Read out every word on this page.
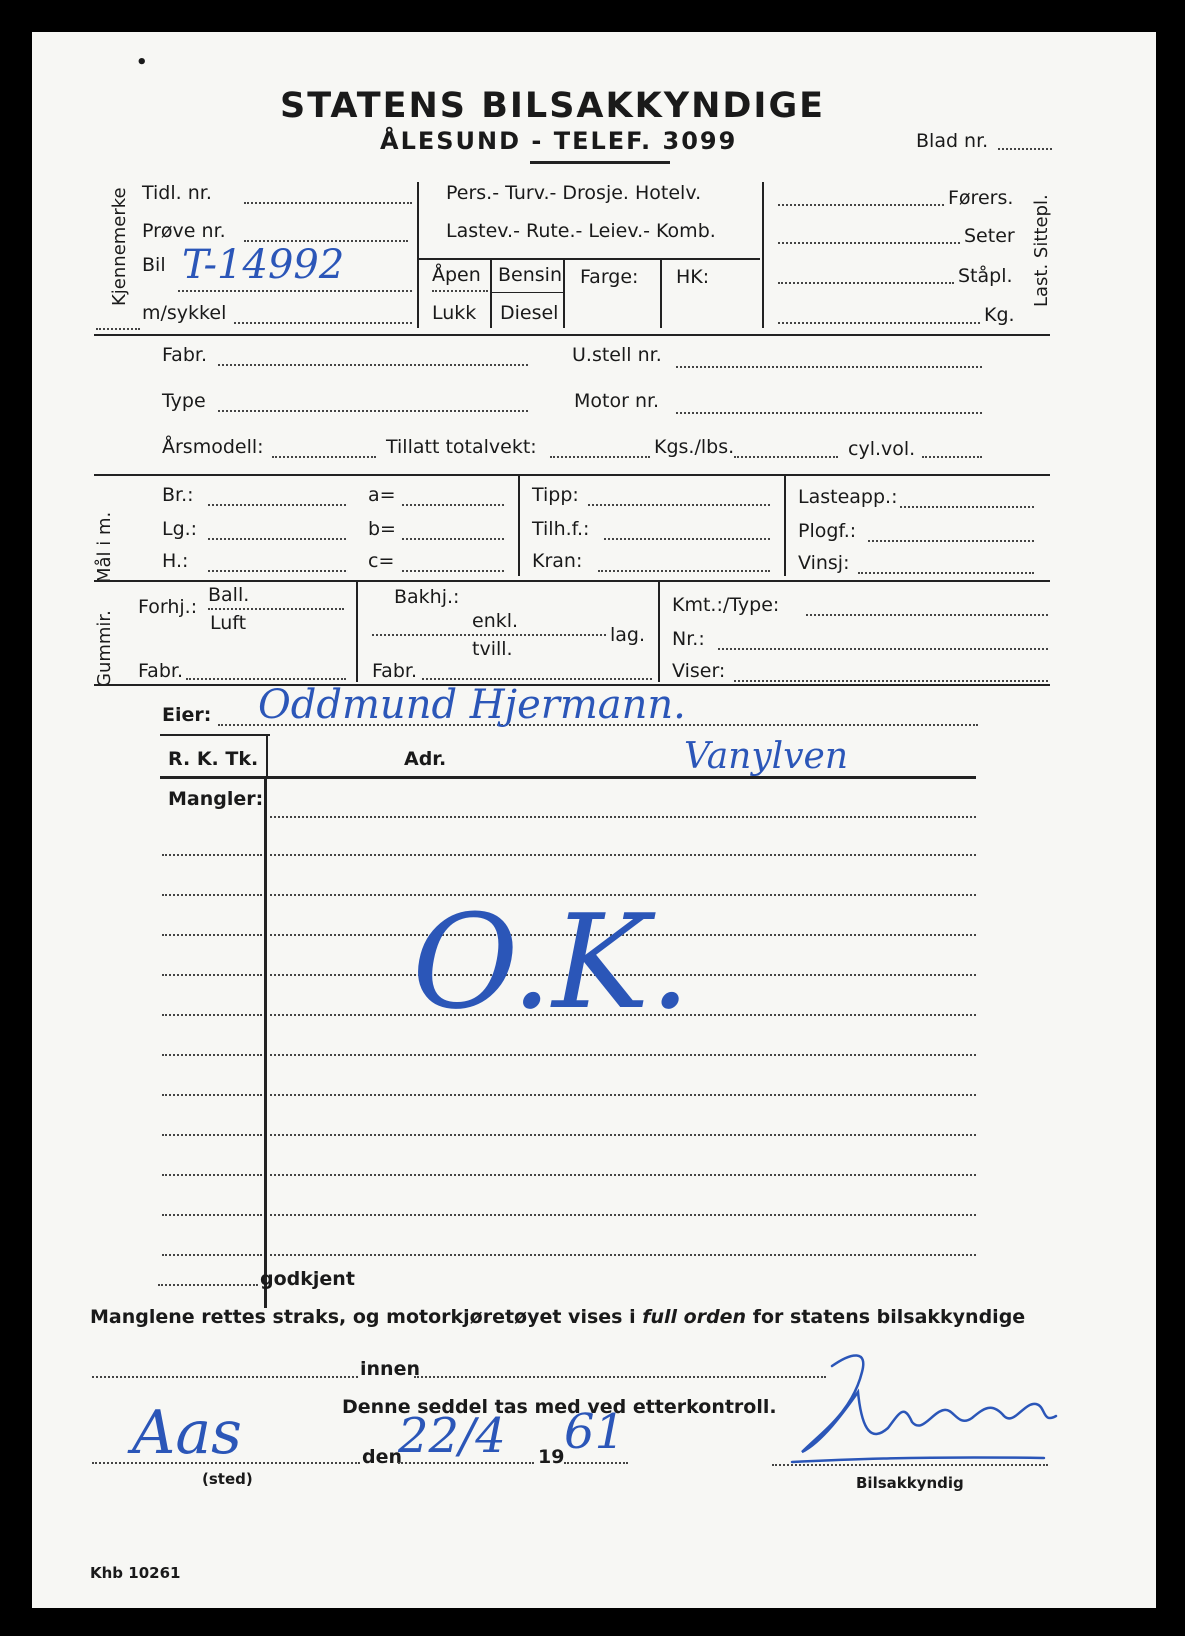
STATENS BILSAKKYNDIGE
ÅLESUND - TELEF. 3099	Blad nr.
•
Kjennemerke Tidl. nr.
Prøve nr.
Bil T-14992
m/sykkel
Pers.- Turv.- Drosje. Hotelv.
Lastev.- Rute.- Leiev.- Komb.
Åpen
Lukk
Bensin
Diesel
Farge: HK:
Førers.
Seter
Ståpl.
Kg.
Last. Sittepl.
Fabr.	U.stell nr.
Type	Motor nr.
Årsmodell:	Tillatt totalvekt:	Kgs./lbs.	cyl.vol.
Mål i m.
Br.:	a=
Lg.:	b=
H.:	c=
Tipp:
Tilh.f.:
Kran:
Lasteapp.:
Plogf.:
Vinsj:
Gummir.
Forhj.:
Ball.
Luft
Fabr.
Bakhj.:
enkl.
tvill.
lag.
Fabr.
Kmt.:/Type:
Nr.:
Viser:
Eier: Oddmund Hjermann.
R. K. Tk.	Adr.	Vanylven
Mangler:
O.K.
godkjent
Manglene rettes straks, og motorkjøretøyet vises i full orden for statens bilsakkyndige
innen
Denne seddel tas med ved etterkontroll.
Aas
(sted)
den
22/4 19 61
Bilsakkyndig
Khb 10261
